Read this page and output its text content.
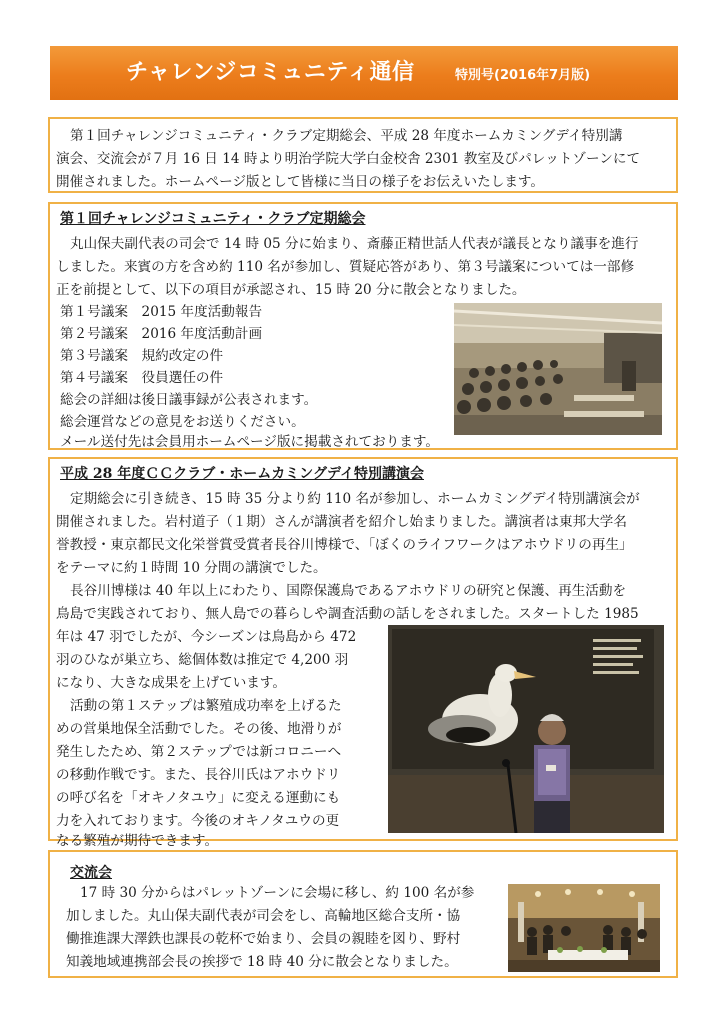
チャレンジコミュニティ通信	特別号(2016年7月版)
第１回チャレンジコミュニティ・クラブ定期総会、平成 28 年度ホームカミングデイ特別講
演会、交流会が７月 16 日 14 時より明治学院大学白金校舎 2301 教室及びパレットゾーンにて
開催されました。ホームページ版として皆様に当日の様子をお伝えいたします。
第１回チャレンジコミュニティ・クラブ定期総会
丸山保夫副代表の司会で 14 時 05 分に始まり、斎藤正精世話人代表が議長となり議事を進行
しました。来賓の方を含め約 110 名が参加し、質疑応答があり、第３号議案については一部修
正を前提として、以下の項目が承認され、15 時 20 分に散会となりました。
第１号議案　2015 年度活動報告
第２号議案　2016 年度活動計画
第３号議案　規約改定の件
第４号議案　役員選任の件
総会の詳細は後日議事録が公表されます。
総会運営などの意見をお送りください。
メール送付先は会員用ホームページ版に掲載されております。
平成 28 年度ＣＣクラブ・ホームカミングデイ特別講演会
定期総会に引き続き、15 時 35 分より約 110 名が参加し、ホームカミングデイ特別講演会が
開催されました。岩村道子（１期）さんが講演者を紹介し始まりました。講演者は東邦大学名
誉教授・東京都民文化栄誉賞受賞者長谷川博様で、「ぼくのライフワークはアホウドリの再生」
をテーマに約１時間 10 分間の講演でした。
長谷川博様は 40 年以上にわたり、国際保護鳥であるアホウドリの研究と保護、再生活動を
鳥島で実践されており、無人島での暮らしや調査活動の話しをされました。スタートした 1985
年は 47 羽でしたが、今シーズンは鳥島から 472
羽のひなが巣立ち、総個体数は推定で 4,200 羽
になり、大きな成果を上げています。
活動の第１ステップは繁殖成功率を上げるた
めの営巣地保全活動でした。その後、地滑りが
発生したため、第２ステップでは新コロニーへ
の移動作戦です。また、長谷川氏はアホウドリ
の呼び名を「オキノタユウ」に変える運動にも
力を入れております。今後のオキノタユウの更
なる繁殖が期待できます。
交流会
17 時 30 分からはパレットゾーンに会場に移し、約 100 名が参
加しました。丸山保夫副代表が司会をし、高輪地区総合支所・協
働推進課大澤鉄也課長の乾杯で始まり、会員の親睦を図り、野村
知義地域連携部会長の挨拶で 18 時 40 分に散会となりました。
